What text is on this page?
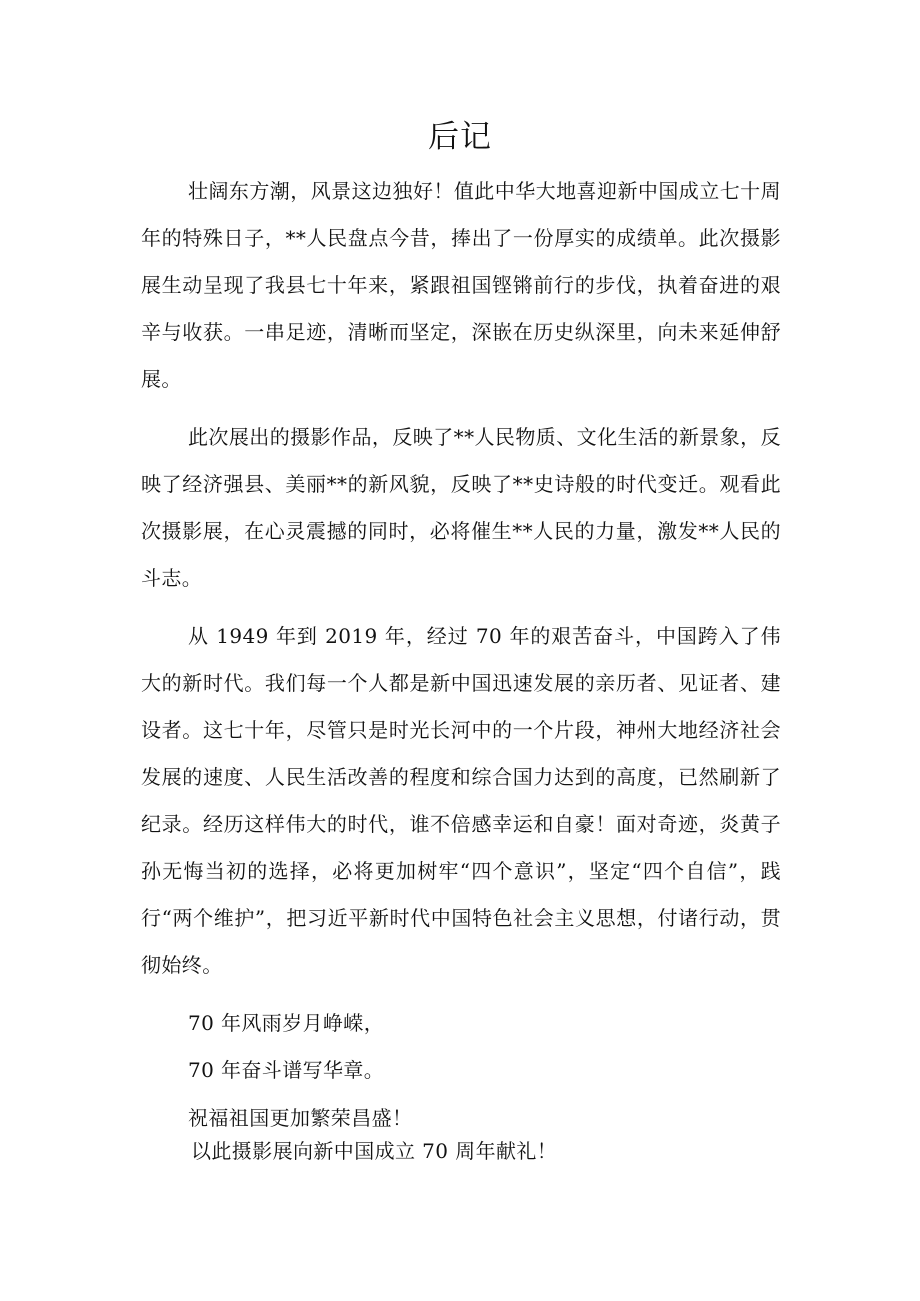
后记

壮阔东方潮，风景这边独好！值此中华大地喜迎新中国成立七十周年的特殊日子，**人民盘点今昔，捧出了一份厚实的成绩单。此次摄影展生动呈现了我县七十年来，紧跟祖国铿锵前行的步伐，执着奋进的艰辛与收获。一串足迹，清晰而坚定，深嵌在历史纵深里，向未来延伸舒展。

此次展出的摄影作品，反映了**人民物质、文化生活的新景象，反映了经济强县、美丽**的新风貌，反映了**史诗般的时代变迁。观看此次摄影展，在心灵震撼的同时，必将催生**人民的力量，激发**人民的斗志。

从 1949 年到 2019 年，经过 70 年的艰苦奋斗，中国跨入了伟大的新时代。我们每一个人都是新中国迅速发展的亲历者、见证者、建设者。这七十年，尽管只是时光长河中的一个片段，神州大地经济社会发展的速度、人民生活改善的程度和综合国力达到的高度，已然刷新了纪录。经历这样伟大的时代，谁不倍感幸运和自豪！面对奇迹，炎黄子孙无悔当初的选择，必将更加树牢“四个意识”，坚定“四个自信”，践行“两个维护”，把习近平新时代中国特色社会主义思想，付诸行动，贯彻始终。

70 年风雨岁月峥嵘，

70 年奋斗谱写华章。

祝福祖国更加繁荣昌盛！

以此摄影展向新中国成立 70 周年献礼！
